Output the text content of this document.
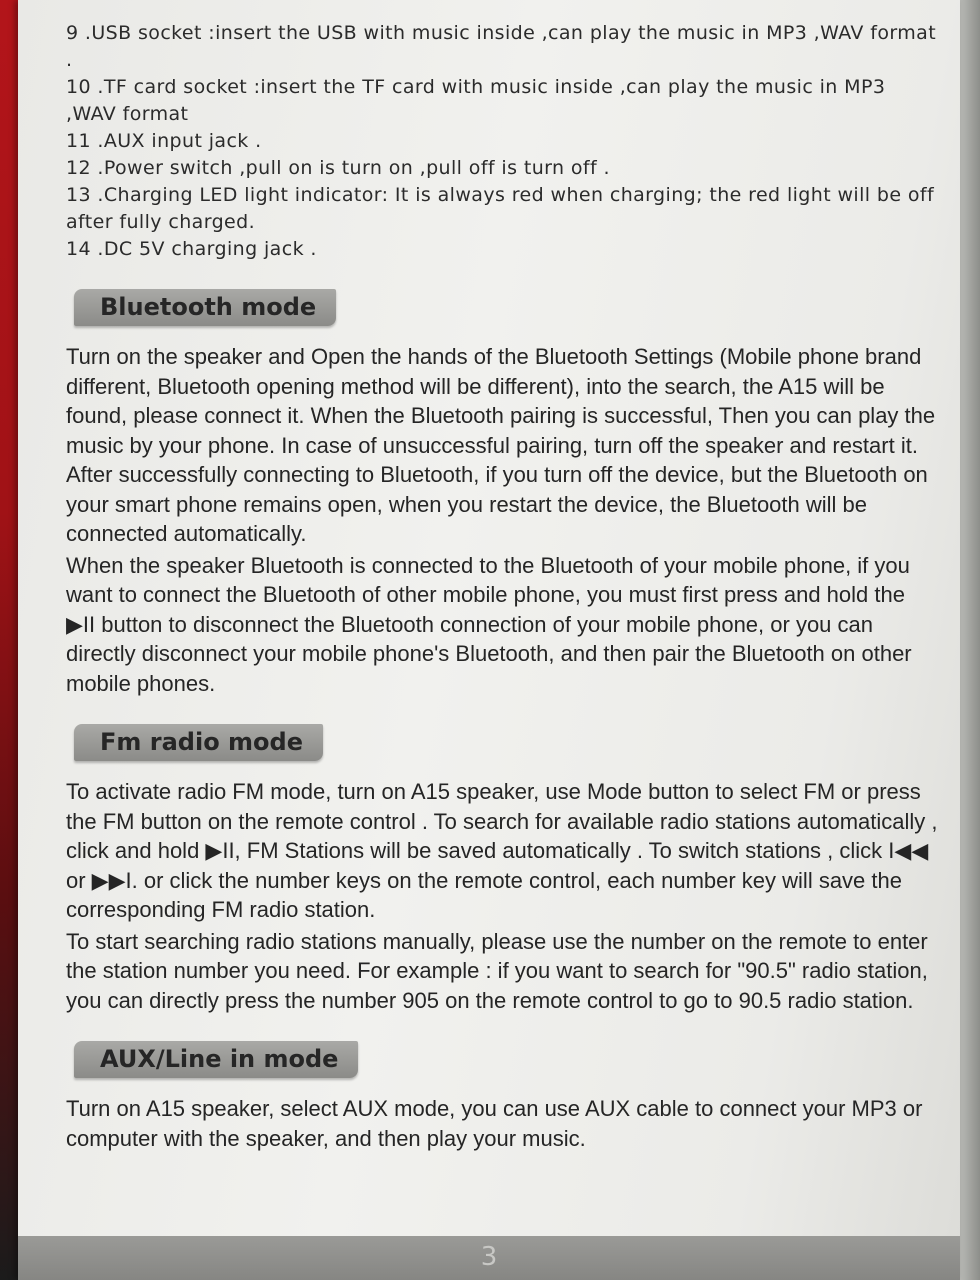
9 .USB socket :insert the USB with music inside ,can play the music in MP3 ,WAV format .
10 .TF card socket :insert the TF card with music inside ,can play the music in MP3 ,WAV format
11 .AUX input jack .
12 .Power switch ,pull on is turn on ,pull off is turn off .
13 .Charging LED light indicator: It is always red when charging; the red light will be off after fully charged.
14 .DC 5V charging jack .
Bluetooth mode

Turn on the speaker and Open the hands of the Bluetooth Settings (Mobile phone brand different, Bluetooth opening method will be different), into the search, the A15 will be found, please connect it. When the Bluetooth pairing is successful, Then you can play the music by your phone. In case of unsuccessful pairing, turn off the speaker and restart it. After successfully connecting to Bluetooth, if you turn off the device, but the Bluetooth on your smart phone remains open, when you restart the device, the Bluetooth will be connected automatically.

When the speaker Bluetooth is connected to the Bluetooth of your mobile phone, if you want to connect the Bluetooth of other mobile phone, you must first press and hold the ▶II button to disconnect the Bluetooth connection of your mobile phone, or you can directly disconnect your mobile phone's Bluetooth, and then pair the Bluetooth on other mobile phones.

Fm radio mode

To activate radio FM mode, turn on A15 speaker, use Mode button to select FM or press the FM button on the remote control . To search for available radio stations automatically , click and hold ▶II, FM Stations will be saved automatically . To switch stations , click I◀◀ or ▶▶I. or click the number keys on the remote control, each number key will save the corresponding FM radio station.

To start searching radio stations manually, please use the number on the remote to enter the station number you need. For example : if you want to search for "90.5" radio station, you can directly press the number 905 on the remote control to go to 90.5 radio station.

AUX/Line in mode

Turn on A15 speaker, select AUX mode, you can use AUX cable to connect your MP3 or computer with the speaker, and then play your music.

3
